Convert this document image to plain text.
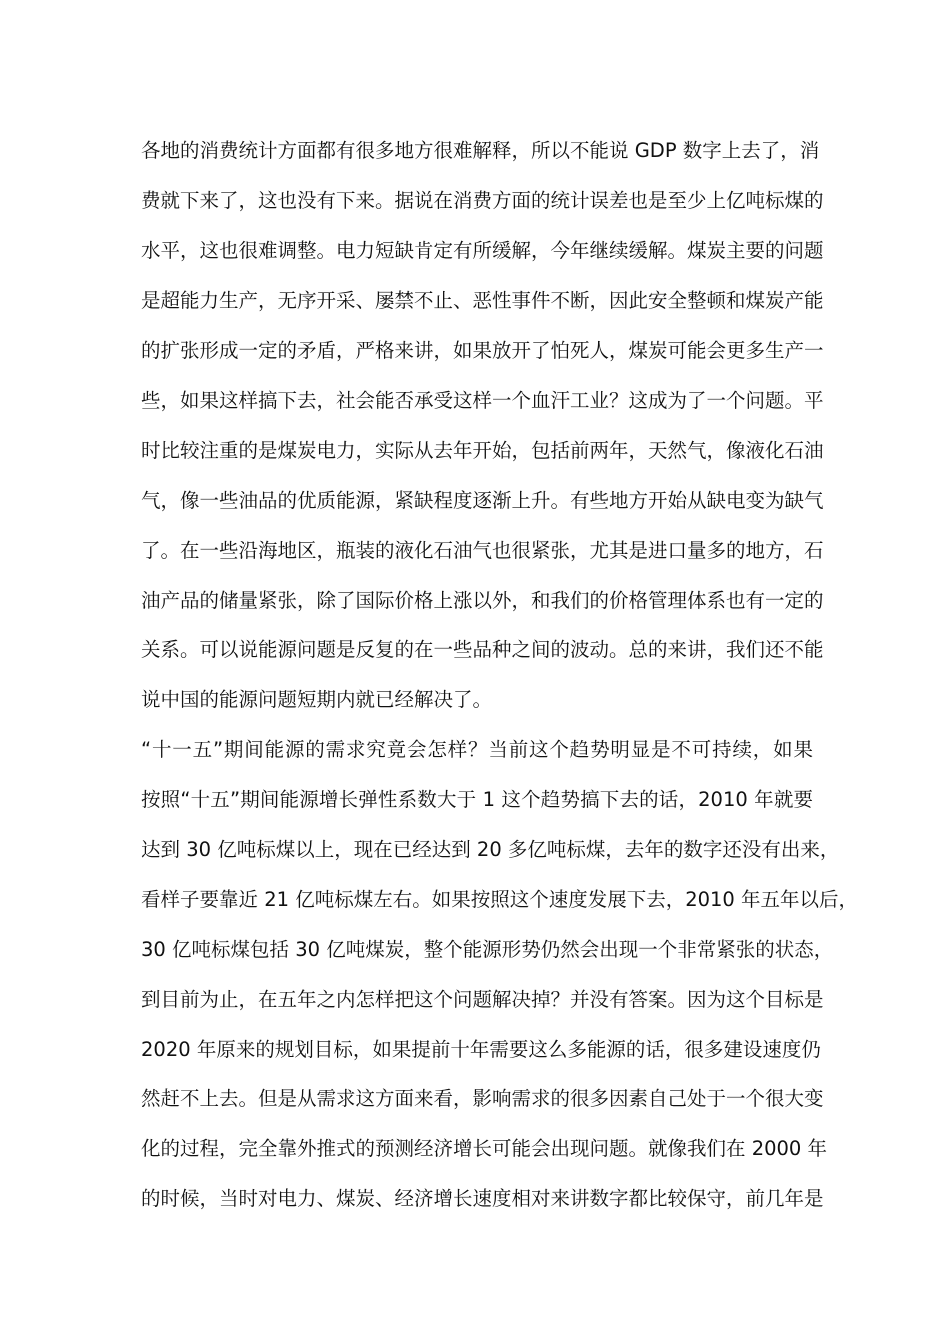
各地的消费统计方面都有很多地方很难解释，所以不能说 GDP 数字上去了，消
费就下来了，这也没有下来。据说在消费方面的统计误差也是至少上亿吨标煤的
水平，这也很难调整。电力短缺肯定有所缓解，今年继续缓解。煤炭主要的问题
是超能力生产，无序开采、屡禁不止、恶性事件不断，因此安全整顿和煤炭产能
的扩张形成一定的矛盾，严格来讲，如果放开了怕死人，煤炭可能会更多生产一
些，如果这样搞下去，社会能否承受这样一个血汗工业？这成为了一个问题。平
时比较注重的是煤炭电力，实际从去年开始，包括前两年，天然气，像液化石油
气，像一些油品的优质能源，紧缺程度逐渐上升。有些地方开始从缺电变为缺气
了。在一些沿海地区，瓶装的液化石油气也很紧张，尤其是进口量多的地方，石
油产品的储量紧张，除了国际价格上涨以外，和我们的价格管理体系也有一定的
关系。可以说能源问题是反复的在一些品种之间的波动。总的来讲，我们还不能
说中国的能源问题短期内就已经解决了。
“十一五”期间能源的需求究竟会怎样？当前这个趋势明显是不可持续，如果
按照“十五”期间能源增长弹性系数大于 1 这个趋势搞下去的话，2010 年就要
达到 30 亿吨标煤以上，现在已经达到 20 多亿吨标煤，去年的数字还没有出来，
看样子要靠近 21 亿吨标煤左右。如果按照这个速度发展下去，2010 年五年以后，
30 亿吨标煤包括 30 亿吨煤炭，整个能源形势仍然会出现一个非常紧张的状态，
到目前为止，在五年之内怎样把这个问题解决掉？并没有答案。因为这个目标是
2020 年原来的规划目标，如果提前十年需要这么多能源的话，很多建设速度仍
然赶不上去。但是从需求这方面来看，影响需求的很多因素自己处于一个很大变
化的过程，完全靠外推式的预测经济增长可能会出现问题。就像我们在 2000 年
的时候，当时对电力、煤炭、经济增长速度相对来讲数字都比较保守，前几年是
